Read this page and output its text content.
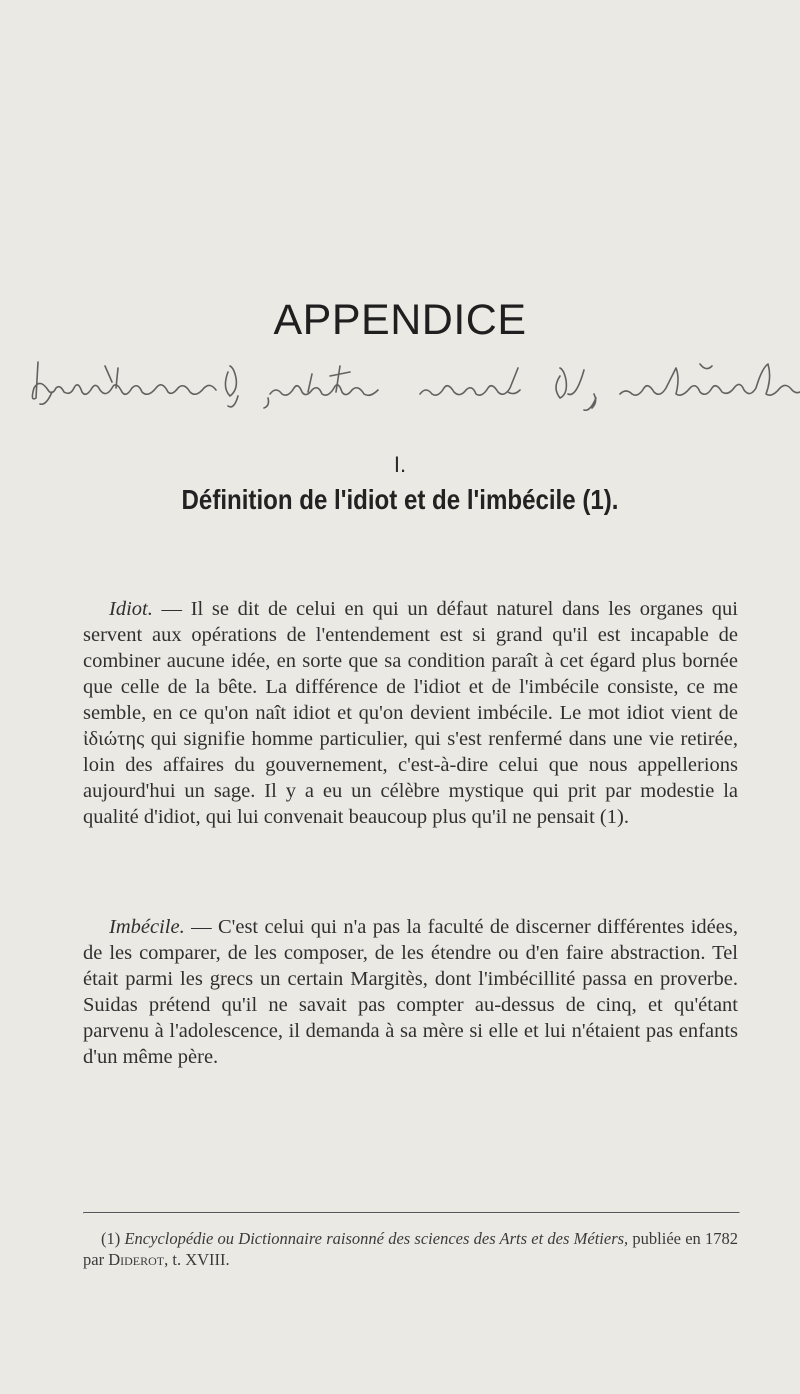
APPENDICE

I.

Définition de l'idiot et de l'imbécile (1).

Idiot. — Il se dit de celui en qui un défaut naturel dans les organes qui servent aux opérations de l'entendement est si grand qu'il est incapable de combiner aucune idée, en sorte que sa condition paraît à cet égard plus bornée que celle de la bête. La différence de l'idiot et de l'imbécile consiste, ce me semble, en ce qu'on naît idiot et qu'on devient imbécile. Le mot idiot vient de ἰδιώτης qui signifie homme particulier, qui s'est renfermé dans une vie retirée, loin des affaires du gouvernement, c'est-à-dire celui que nous appellerions aujourd'hui un sage. Il y a eu un célèbre mystique qui prit par modestie la qualité d'idiot, qui lui convenait beaucoup plus qu'il ne pensait (1).

Imbécile. — C'est celui qui n'a pas la faculté de discerner différentes idées, de les comparer, de les composer, de les étendre ou d'en faire abstraction. Tel était parmi les grecs un certain Margitès, dont l'imbécillité passa en proverbe. Suidas prétend qu'il ne savait pas compter au-dessus de cinq, et qu'étant parvenu à l'adolescence, il demanda à sa mère si elle et lui n'étaient pas enfants d'un même père.

(1) Encyclopédie ou Dictionnaire raisonné des sciences des Arts et des Métiers, publiée en 1782 par Diderot, t. XVIII.
